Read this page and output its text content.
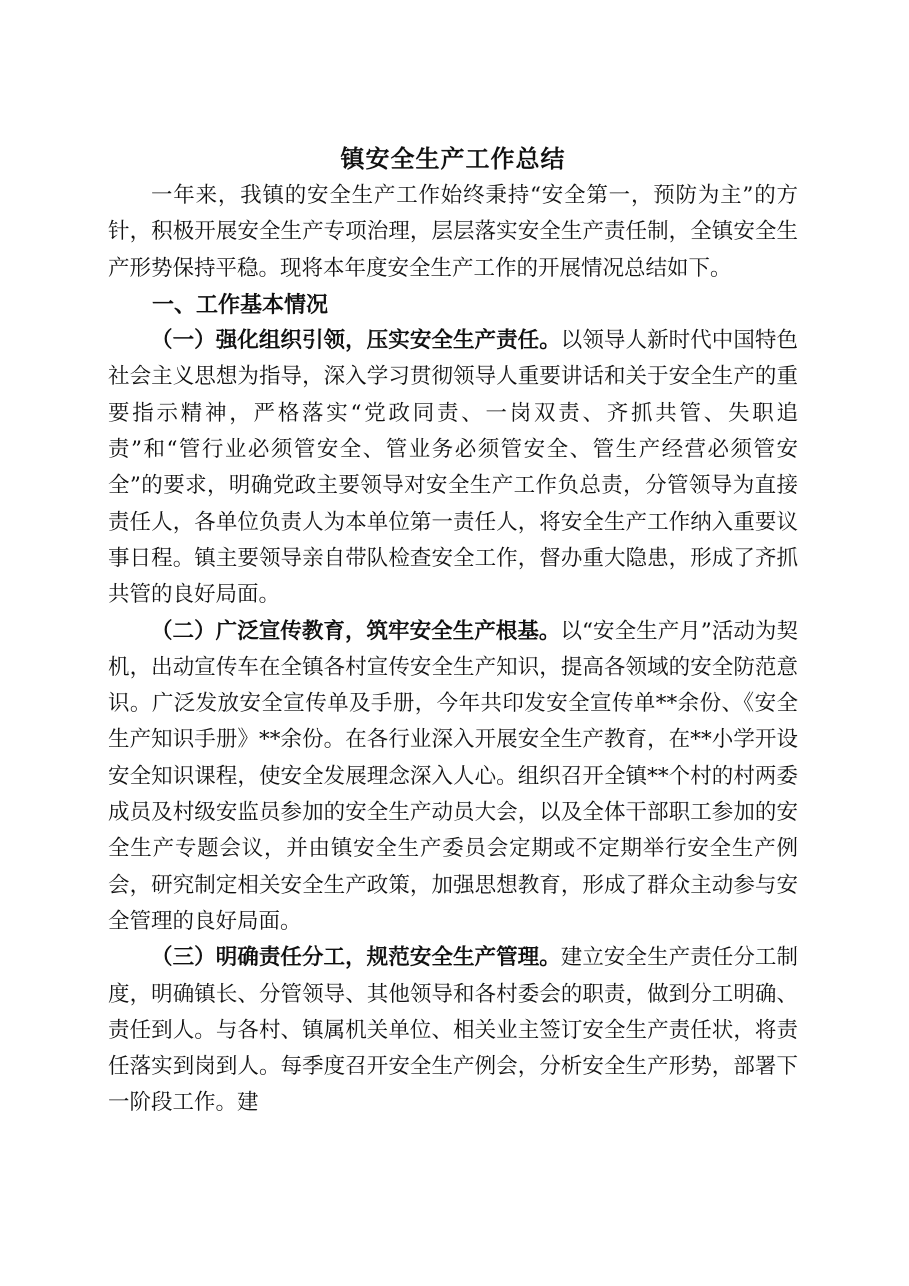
镇安全生产工作总结

一年来，我镇的安全生产工作始终秉持“安全第一，预防为主”的方针，积极开展安全生产专项治理，层层落实安全生产责任制，全镇安全生产形势保持平稳。现将本年度安全生产工作的开展情况总结如下。

一、工作基本情况

（一）强化组织引领，压实安全生产责任。以领导人新时代中国特色社会主义思想为指导，深入学习贯彻领导人重要讲话和关于安全生产的重要指示精神，严格落实“党政同责、一岗双责、齐抓共管、失职追责”和“管行业必须管安全、管业务必须管安全、管生产经营必须管安全”的要求，明确党政主要领导对安全生产工作负总责，分管领导为直接责任人，各单位负责人为本单位第一责任人，将安全生产工作纳入重要议事日程。镇主要领导亲自带队检查安全工作，督办重大隐患，形成了齐抓共管的良好局面。

（二）广泛宣传教育，筑牢安全生产根基。以“安全生产月”活动为契机，出动宣传车在全镇各村宣传安全生产知识，提高各领域的安全防范意识。广泛发放安全宣传单及手册，今年共印发安全宣传单**余份、《安全生产知识手册》**余份。在各行业深入开展安全生产教育，在**小学开设安全知识课程，使安全发展理念深入人心。组织召开全镇**个村的村两委成员及村级安监员参加的安全生产动员大会，以及全体干部职工参加的安全生产专题会议，并由镇安全生产委员会定期或不定期举行安全生产例会，研究制定相关安全生产政策，加强思想教育，形成了群众主动参与安全管理的良好局面。

（三）明确责任分工，规范安全生产管理。建立安全生产责任分工制度，明确镇长、分管领导、其他领导和各村委会的职责，做到分工明确、责任到人。与各村、镇属机关单位、相关业主签订安全生产责任状，将责任落实到岗到人。每季度召开安全生产例会，分析安全生产形势，部署下一阶段工作。建
